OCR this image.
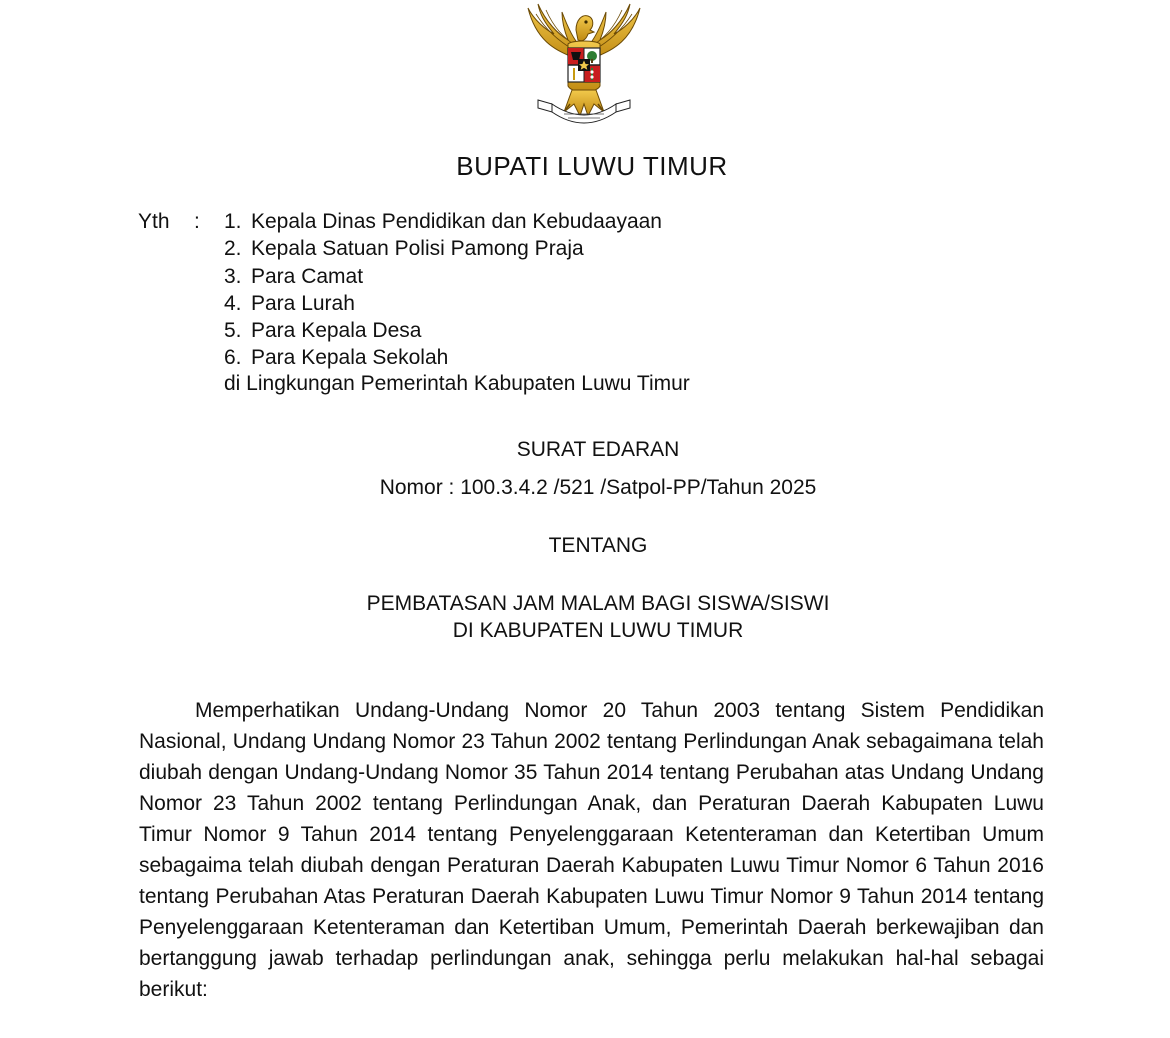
BUPATI LUWU TIMUR
Yth : 1. Kepala Dinas Pendidikan dan Kebudaayaan
2. Kepala Satuan Polisi Pamong Praja
3. Para Camat
4. Para Lurah
5. Para Kepala Desa
6. Para Kepala Sekolah
di Lingkungan Pemerintah Kabupaten Luwu Timur
SURAT EDARAN
Nomor : 100.3.4.2 /521 /Satpol-PP/Tahun 2025
TENTANG
PEMBATASAN JAM MALAM BAGI SISWA/SISWI
DI KABUPATEN LUWU TIMUR

Memperhatikan Undang-Undang Nomor 20 Tahun 2003 tentang Sistem Pendidikan Nasional, Undang Undang Nomor 23 Tahun 2002 tentang Perlindungan Anak sebagaimana telah diubah dengan Undang-Undang Nomor 35 Tahun 2014 tentang Perubahan atas Undang Undang Nomor 23 Tahun 2002 tentang Perlindungan Anak, dan Peraturan Daerah Kabupaten Luwu Timur Nomor 9 Tahun 2014 tentang Penyelenggaraan Ketenteraman dan Ketertiban Umum sebagaima telah diubah dengan Peraturan Daerah Kabupaten Luwu Timur Nomor 6 Tahun 2016 tentang Perubahan Atas Peraturan Daerah Kabupaten Luwu Timur Nomor 9 Tahun 2014 tentang Penyelenggaraan Ketenteraman dan Ketertiban Umum, Pemerintah Daerah berkewajiban dan bertanggung jawab terhadap perlindungan anak, sehingga perlu melakukan hal-hal sebagai berikut:
